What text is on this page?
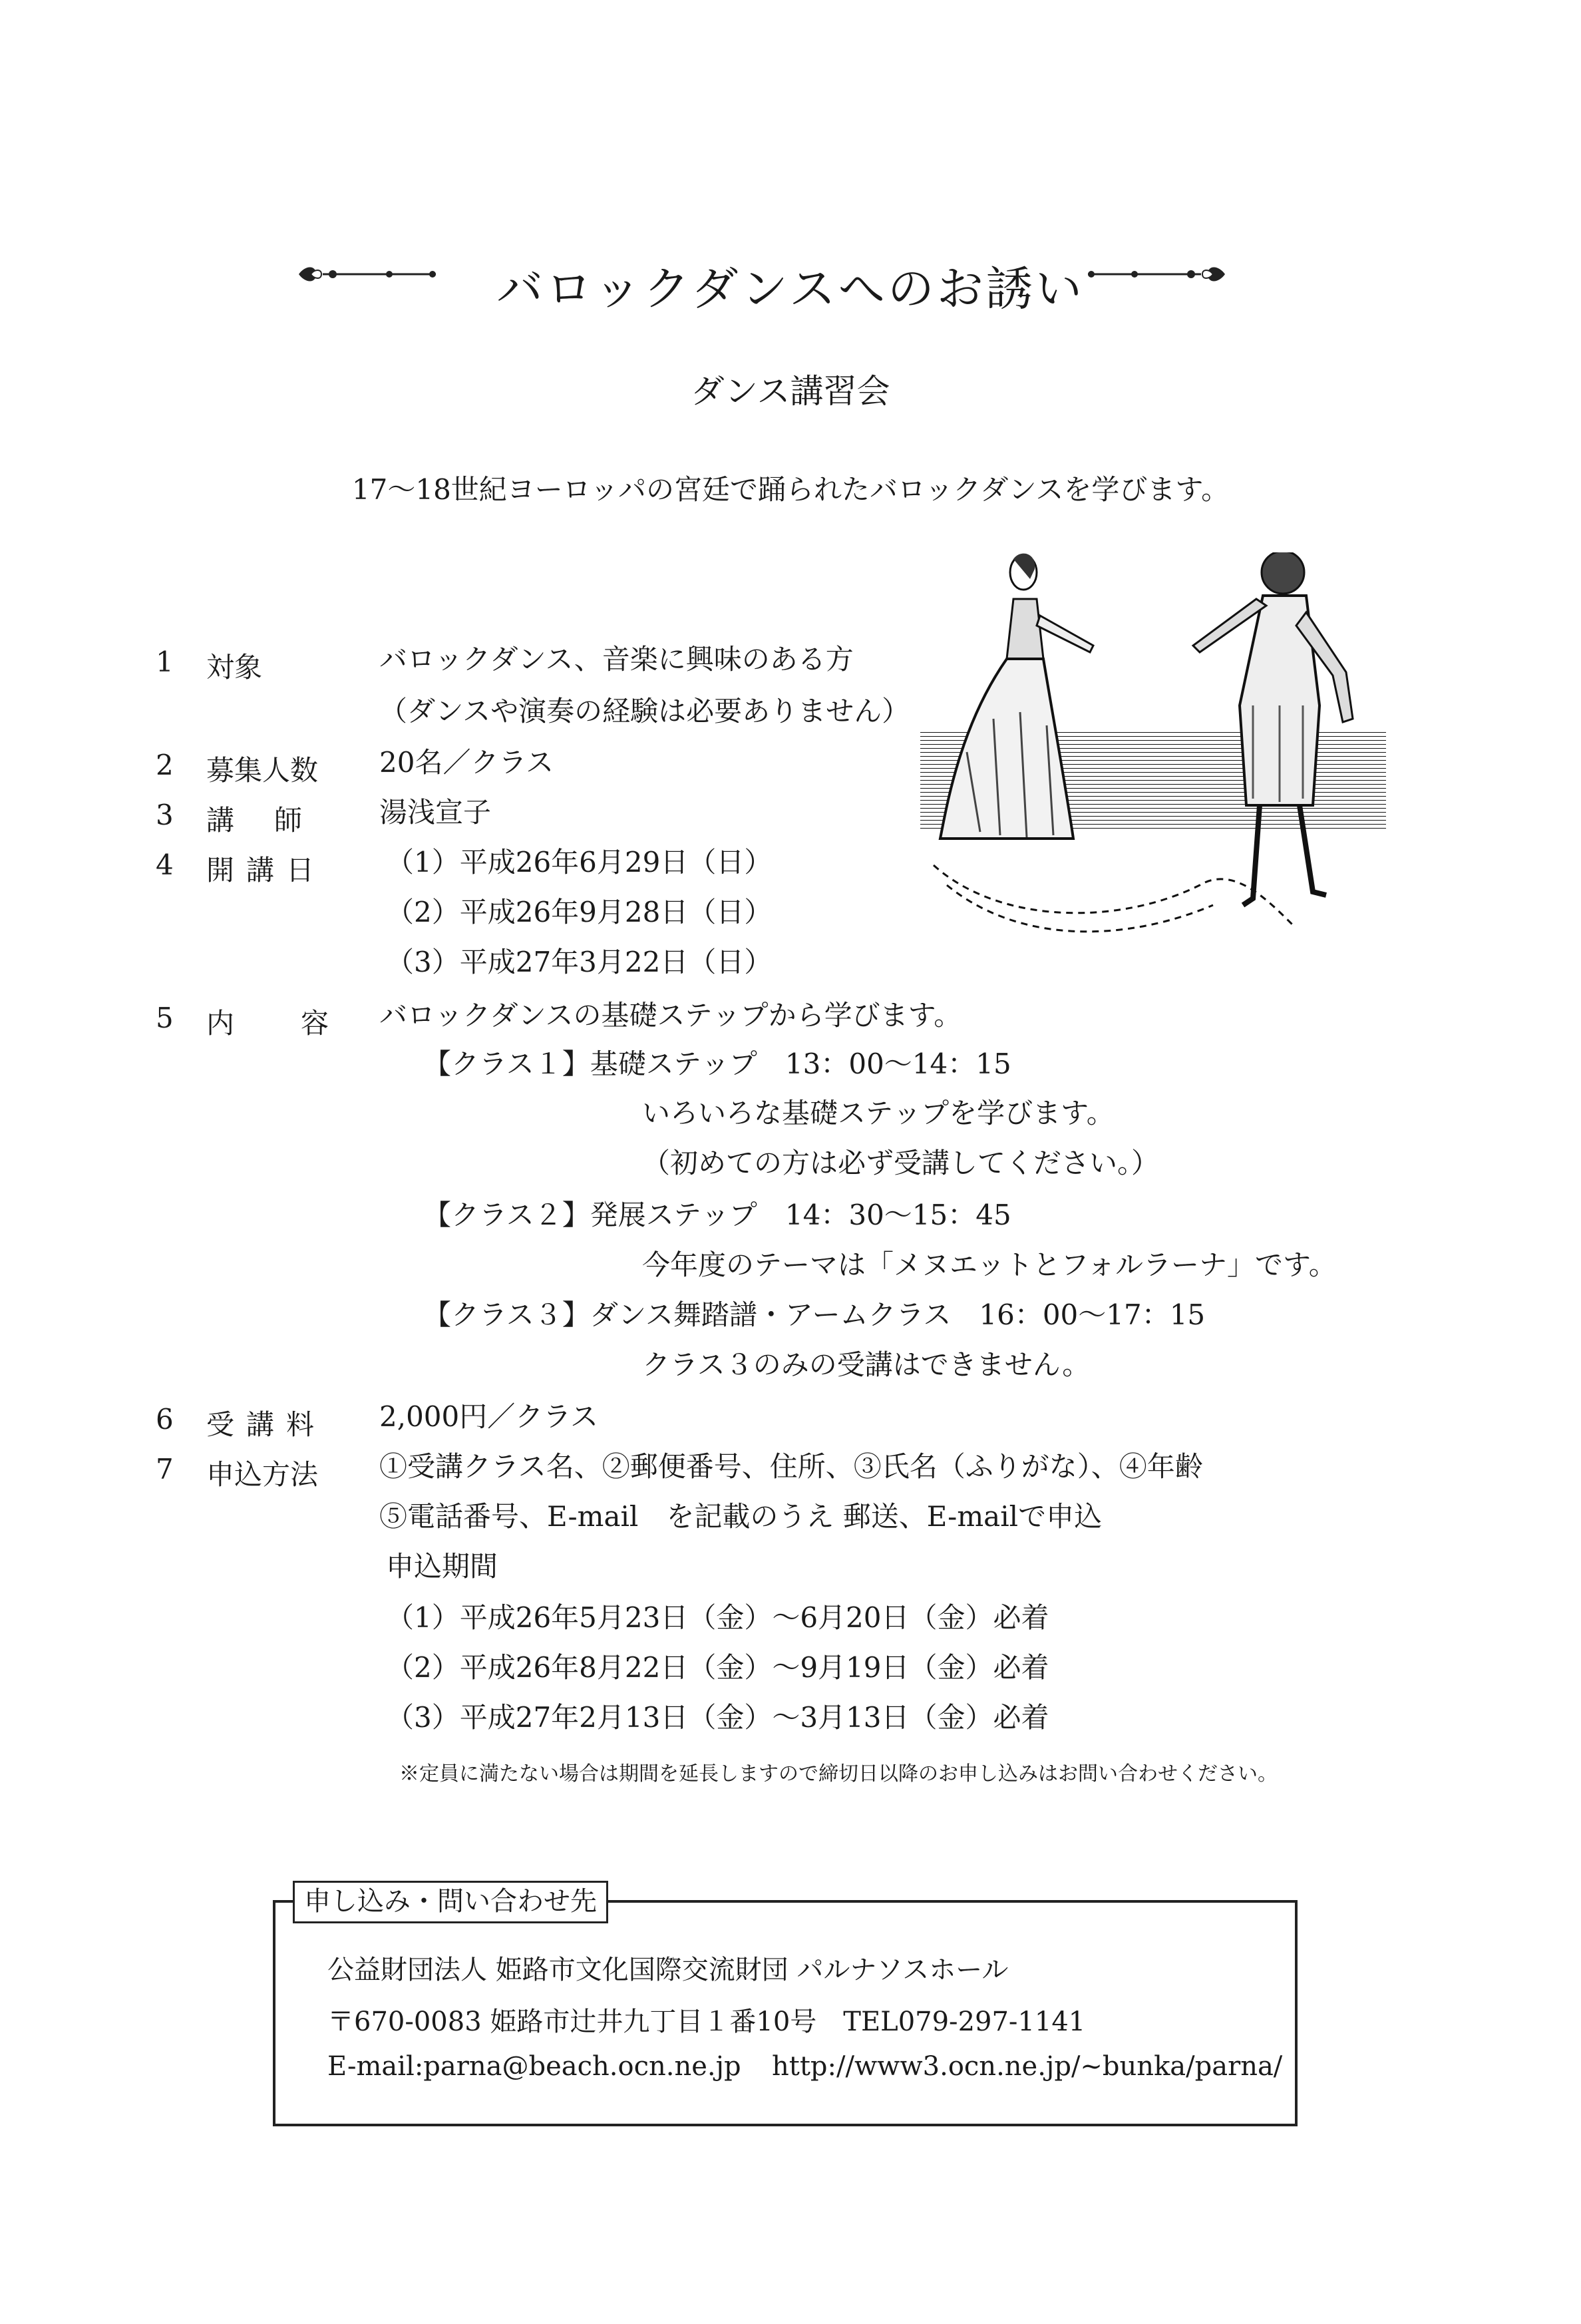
バロックダンスへのお誘い
ダンス講習会
17～18世紀ヨーロッパの宮廷で踊られたバロックダンスを学びます。
1 対象	バロックダンス、音楽に興味のある方
（ダンスや演奏の経験は必要ありません）
2 募集人数 20名／クラス
3 講師 湯浅宣子
4 開講日 （1）平成26年6月29日（日）
（2）平成26年9月28日（日）
（3）平成27年3月22日（日）
5 内容
バロックダンスの基礎ステップから学びます。
【クラス１】基礎ステップ　13：00～14：15
いろいろな基礎ステップを学びます。
（初めての方は必ず受講してください。）
【クラス２】発展ステップ　14：30～15：45
今年度のテーマは「メヌエットとフォルラーナ」です。
【クラス３】ダンス舞踏譜・アームクラス　16：00～17：15
クラス３のみの受講はできません。
6 受講料 2,000円／クラス
7 申込方法 ①受講クラス名、②郵便番号、住所、③氏名（ふりがな）、④年齢
⑤電話番号、E-mail　を記載のうえ 郵送、E-mailで申込
申込期間
（1）平成26年5月23日（金）～6月20日（金）必着
（2）平成26年8月22日（金）～9月19日（金）必着
（3）平成27年2月13日（金）～3月13日（金）必着
※定員に満たない場合は期間を延長しますので締切日以降のお申し込みはお問い合わせください。
申し込み・問い合わせ先
公益財団法人 姫路市文化国際交流財団 パルナソスホール
〒670-0083 姫路市辻井九丁目１番10号　TEL079-297-1141
E-mail:parna@beach.ocn.ne.jp http://www3.ocn.ne.jp/~bunka/parna/
